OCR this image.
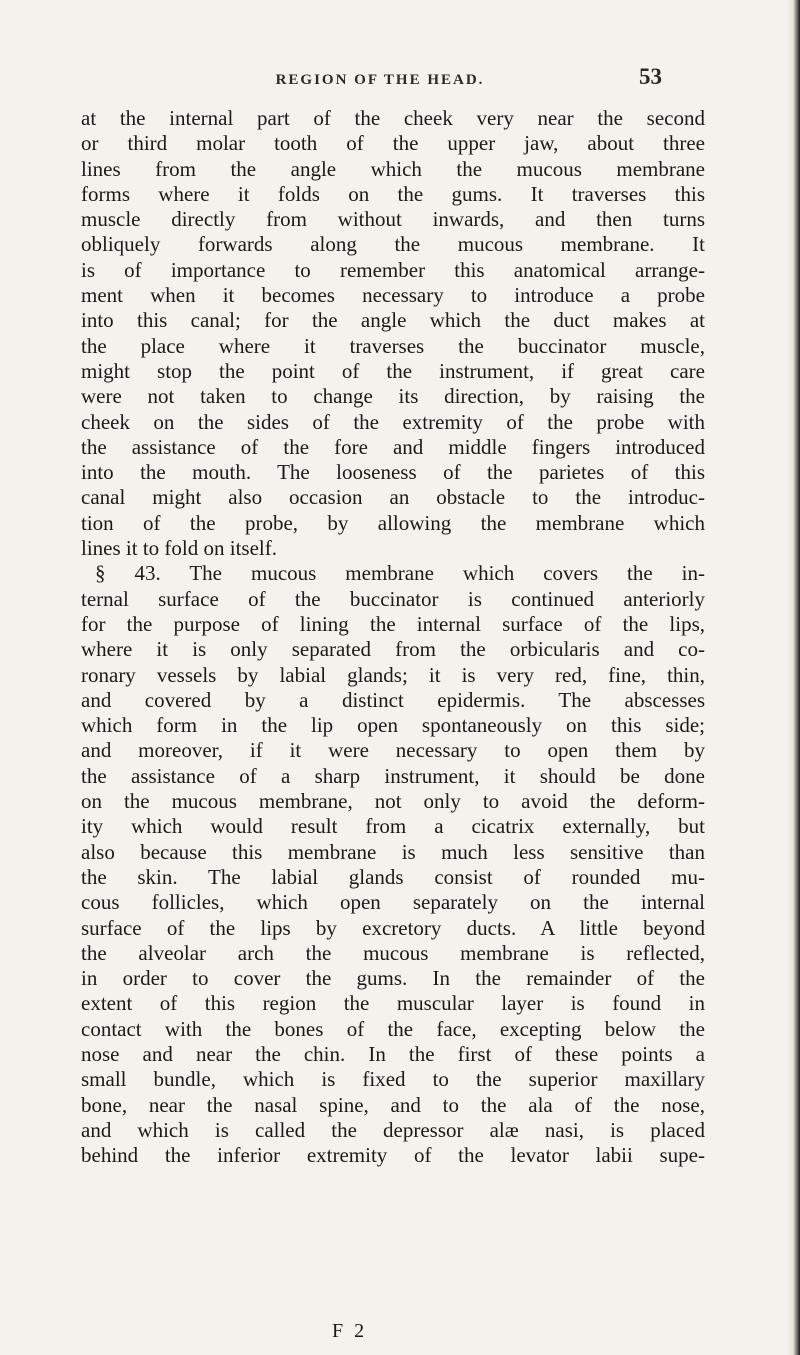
REGION OF THE HEAD.	53
at the internal part of the cheek very near the second
or third molar tooth of the upper jaw, about three
lines from the angle which the mucous membrane
forms where it folds on the gums. It traverses this
muscle directly from without inwards, and then turns
obliquely forwards along the mucous membrane. It
is of importance to remember this anatomical arrange-
ment when it becomes necessary to introduce a probe
into this canal; for the angle which the duct makes at
the place where it traverses the buccinator muscle,
might stop the point of the instrument, if great care
were not taken to change its direction, by raising the
cheek on the sides of the extremity of the probe with
the assistance of the fore and middle fingers introduced
into the mouth. The looseness of the parietes of this
canal might also occasion an obstacle to the introduc-
tion of the probe, by allowing the membrane which
lines it to fold on itself.
§ 43. The mucous membrane which covers the in-
ternal surface of the buccinator is continued anteriorly
for the purpose of lining the internal surface of the lips,
where it is only separated from the orbicularis and co-
ronary vessels by labial glands; it is very red, fine, thin,
and covered by a distinct epidermis. The abscesses
which form in the lip open spontaneously on this side;
and moreover, if it were necessary to open them by
the assistance of a sharp instrument, it should be done
on the mucous membrane, not only to avoid the deform-
ity which would result from a cicatrix externally, but
also because this membrane is much less sensitive than
the skin. The labial glands consist of rounded mu-
cous follicles, which open separately on the internal
surface of the lips by excretory ducts. A little beyond
the alveolar arch the mucous membrane is reflected,
in order to cover the gums. In the remainder of the
extent of this region the muscular layer is found in
contact with the bones of the face, excepting below the
nose and near the chin. In the first of these points a
small bundle, which is fixed to the superior maxillary
bone, near the nasal spine, and to the ala of the nose,
and which is called the depressor alæ nasi, is placed
behind the inferior extremity of the levator labii supe-
F 2
